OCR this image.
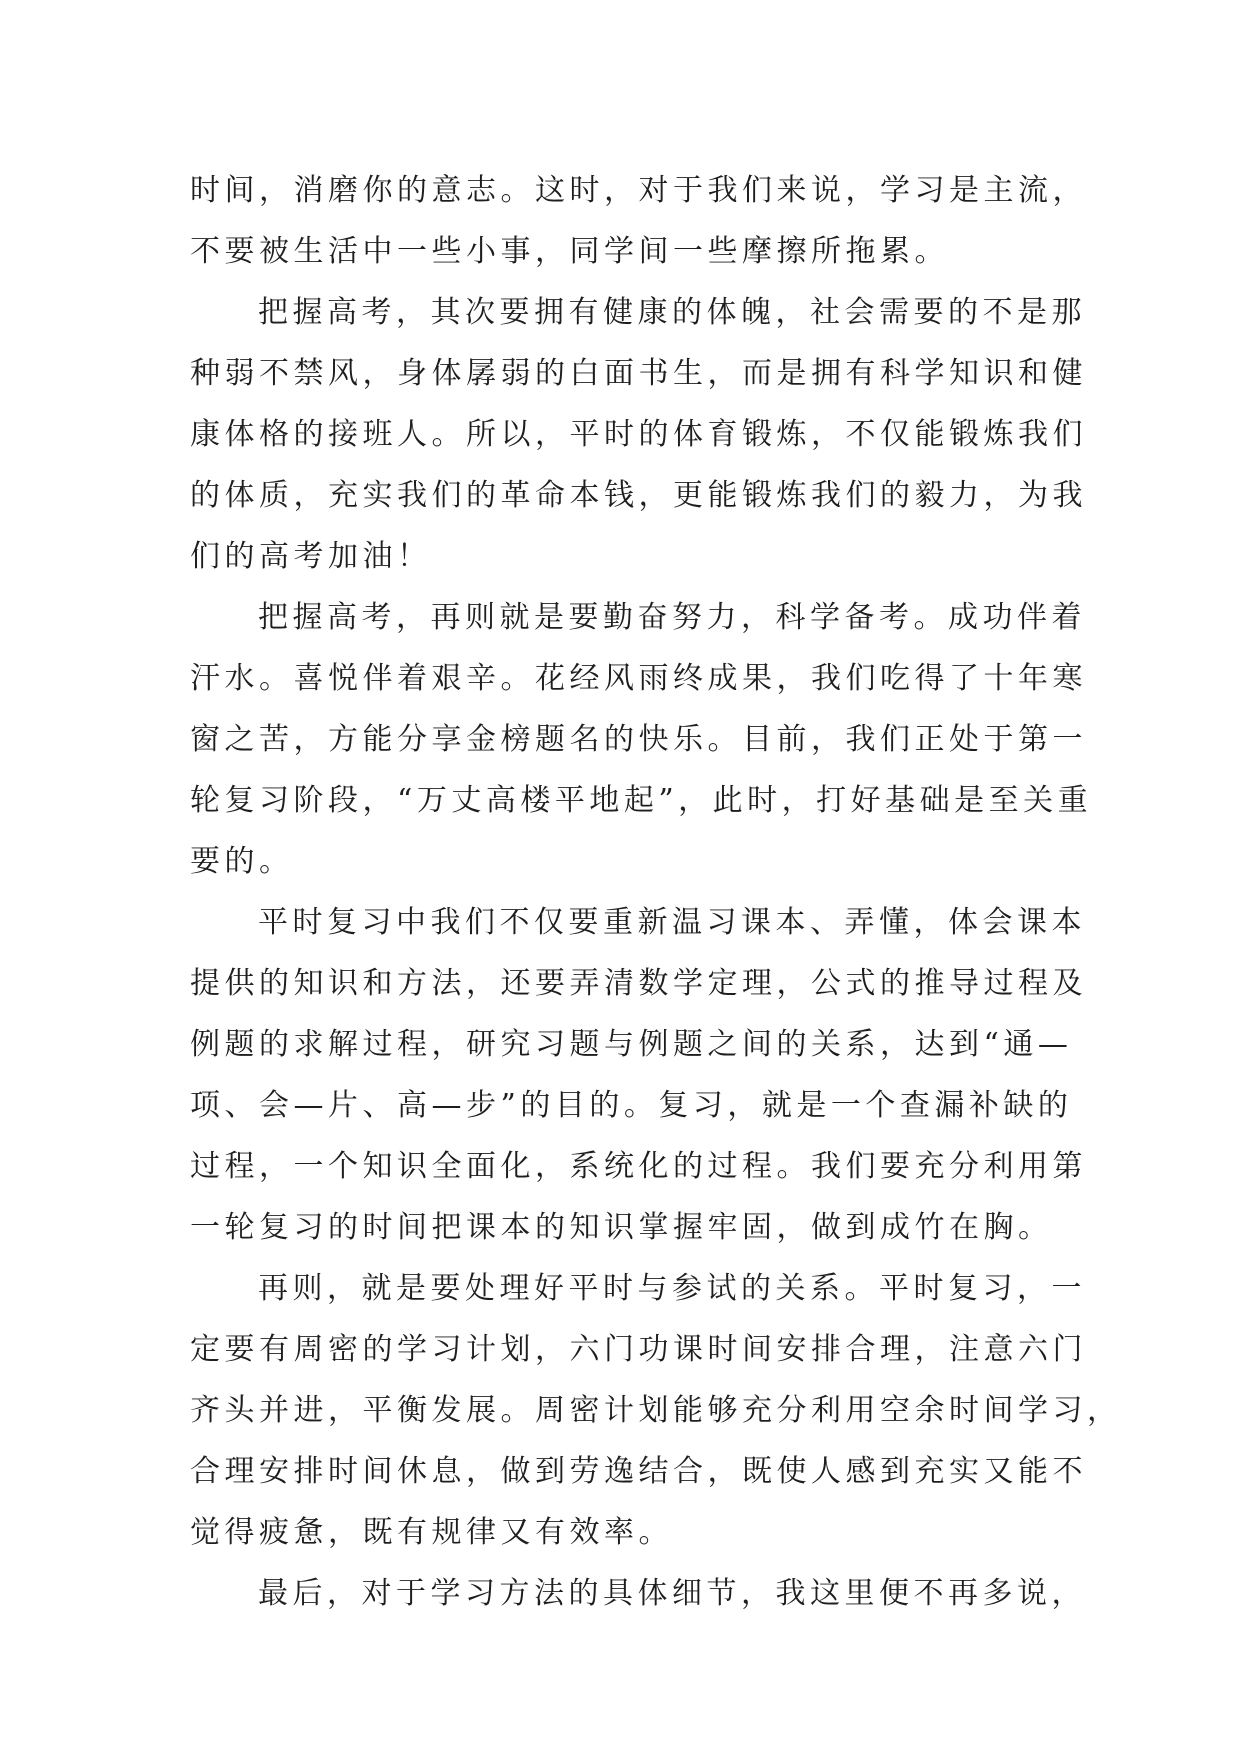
时间，消磨你的意志。这时，对于我们来说，学习是主流，
不要被生活中一些小事，同学间一些摩擦所拖累。
把握高考，其次要拥有健康的体魄，社会需要的不是那
种弱不禁风，身体孱弱的白面书生，而是拥有科学知识和健
康体格的接班人。所以，平时的体育锻炼，不仅能锻炼我们
的体质，充实我们的革命本钱，更能锻炼我们的毅力，为我
们的高考加油！
把握高考，再则就是要勤奋努力，科学备考。成功伴着
汗水。喜悦伴着艰辛。花经风雨终成果，我们吃得了十年寒
窗之苦，方能分享金榜题名的快乐。目前，我们正处于第一
轮复习阶段，“万丈高楼平地起”，此时，打好基础是至关重
要的。
平时复习中我们不仅要重新温习课本、弄懂，体会课本
提供的知识和方法，还要弄清数学定理，公式的推导过程及
例题的求解过程，研究习题与例题之间的关系，达到“通—
项、会—片、高—步”的目的。复习，就是一个查漏补缺的
过程，一个知识全面化，系统化的过程。我们要充分利用第
一轮复习的时间把课本的知识掌握牢固，做到成竹在胸。
再则，就是要处理好平时与参试的关系。平时复习，一
定要有周密的学习计划，六门功课时间安排合理，注意六门
齐头并进，平衡发展。周密计划能够充分利用空余时间学习，
合理安排时间休息，做到劳逸结合，既使人感到充实又能不
觉得疲惫，既有规律又有效率。
最后，对于学习方法的具体细节，我这里便不再多说，
